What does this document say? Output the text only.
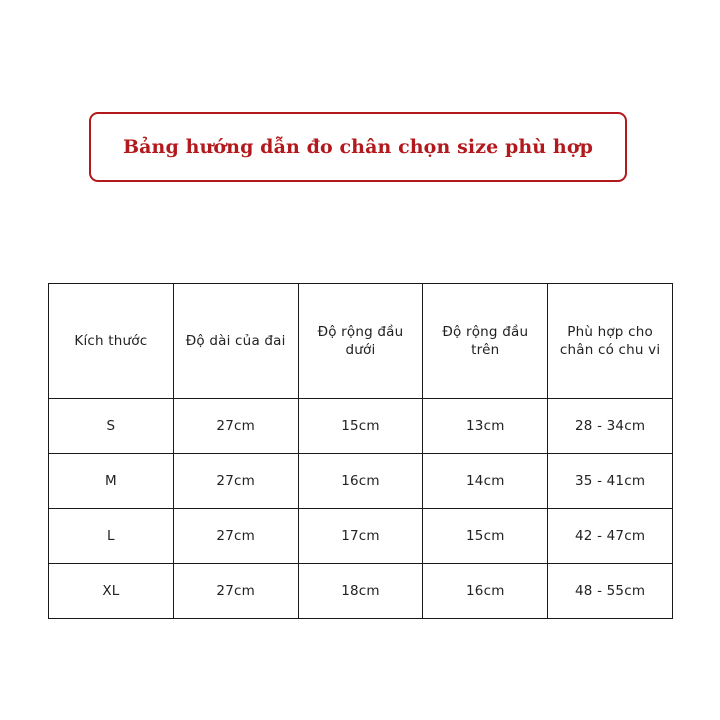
Bảng hướng dẫn đo chân chọn size phù hợp
Kích thước	Độ dài của đai	Độ rộng đầu dưới	Độ rộng đầu trên	Phù hợp cho chân có chu vi
S	27cm	15cm	13cm	28 - 34cm
M	27cm	16cm	14cm	35 - 41cm
L	27cm	17cm	15cm	42 - 47cm
XL	27cm	18cm	16cm	48 - 55cm
